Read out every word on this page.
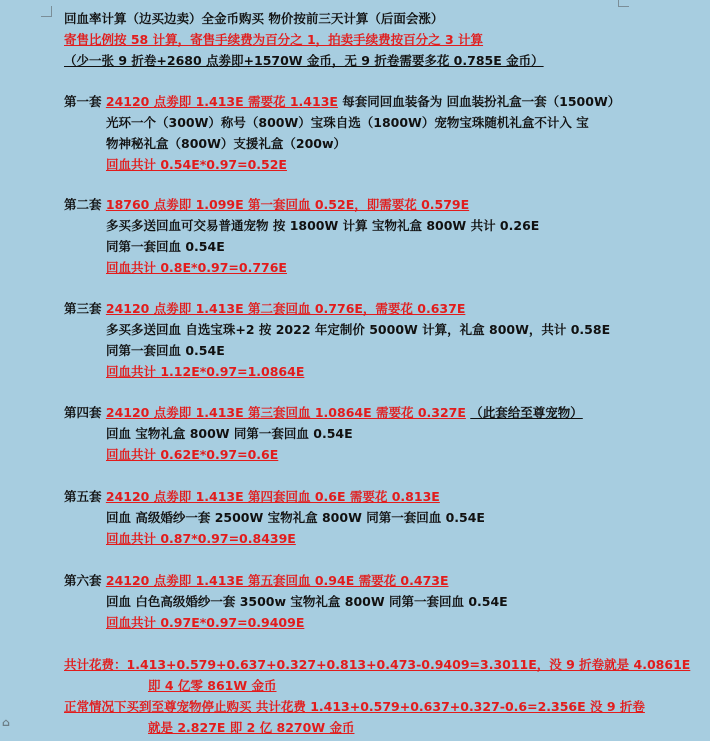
回血率计算（边买边卖）全金币购买 物价按前三天计算（后面会涨）
寄售比例按 58 计算，寄售手续费为百分之 1，拍卖手续费按百分之 3 计算
（少一张 9 折卷+2680 点劵即+1570W 金币，无 9 折卷需要多花 0.785E 金币）
第一套 24120 点劵即 1.413E 需要花 1.413E 每套同回血装备为 回血装扮礼盒一套（1500W）
光环一个（300W）称号（800W）宝珠自选（1800W）宠物宝珠随机礼盒不计入 宝
物神秘礼盒（800W）支援礼盒（200w）
回血共计 0.54E*0.97=0.52E
第二套 18760 点劵即 1.099E 第一套回血 0.52E，即需要花 0.579E
多买多送回血可交易普通宠物 按 1800W 计算 宝物礼盒 800W 共计 0.26E
同第一套回血 0.54E
回血共计 0.8E*0.97=0.776E
第三套 24120 点劵即 1.413E 第二套回血 0.776E，需要花 0.637E
多买多送回血 自选宝珠+2 按 2022 年定制价 5000W 计算，礼盒 800W，共计 0.58E
同第一套回血 0.54E
回血共计 1.12E*0.97=1.0864E
第四套 24120 点劵即 1.413E 第三套回血 1.0864E 需要花 0.327E （此套给至尊宠物）
回血 宝物礼盒 800W 同第一套回血 0.54E
回血共计 0.62E*0.97=0.6E
第五套 24120 点劵即 1.413E 第四套回血 0.6E 需要花 0.813E
回血 高级婚纱一套 2500W 宝物礼盒 800W 同第一套回血 0.54E
回血共计 0.87*0.97=0.8439E
第六套 24120 点劵即 1.413E 第五套回血 0.94E 需要花 0.473E
回血 白色高级婚纱一套 3500w 宝物礼盒 800W 同第一套回血 0.54E
回血共计 0.97E*0.97=0.9409E
共计花费：1.413+0.579+0.637+0.327+0.813+0.473-0.9409=3.3011E，没 9 折卷就是 4.0861E
即 4 亿零 861W 金币
正常情况下买到至尊宠物停止购买 共计花费 1.413+0.579+0.637+0.327-0.6=2.356E 没 9 折卷
就是 2.827E 即 2 亿 8270W 金币
⌂
